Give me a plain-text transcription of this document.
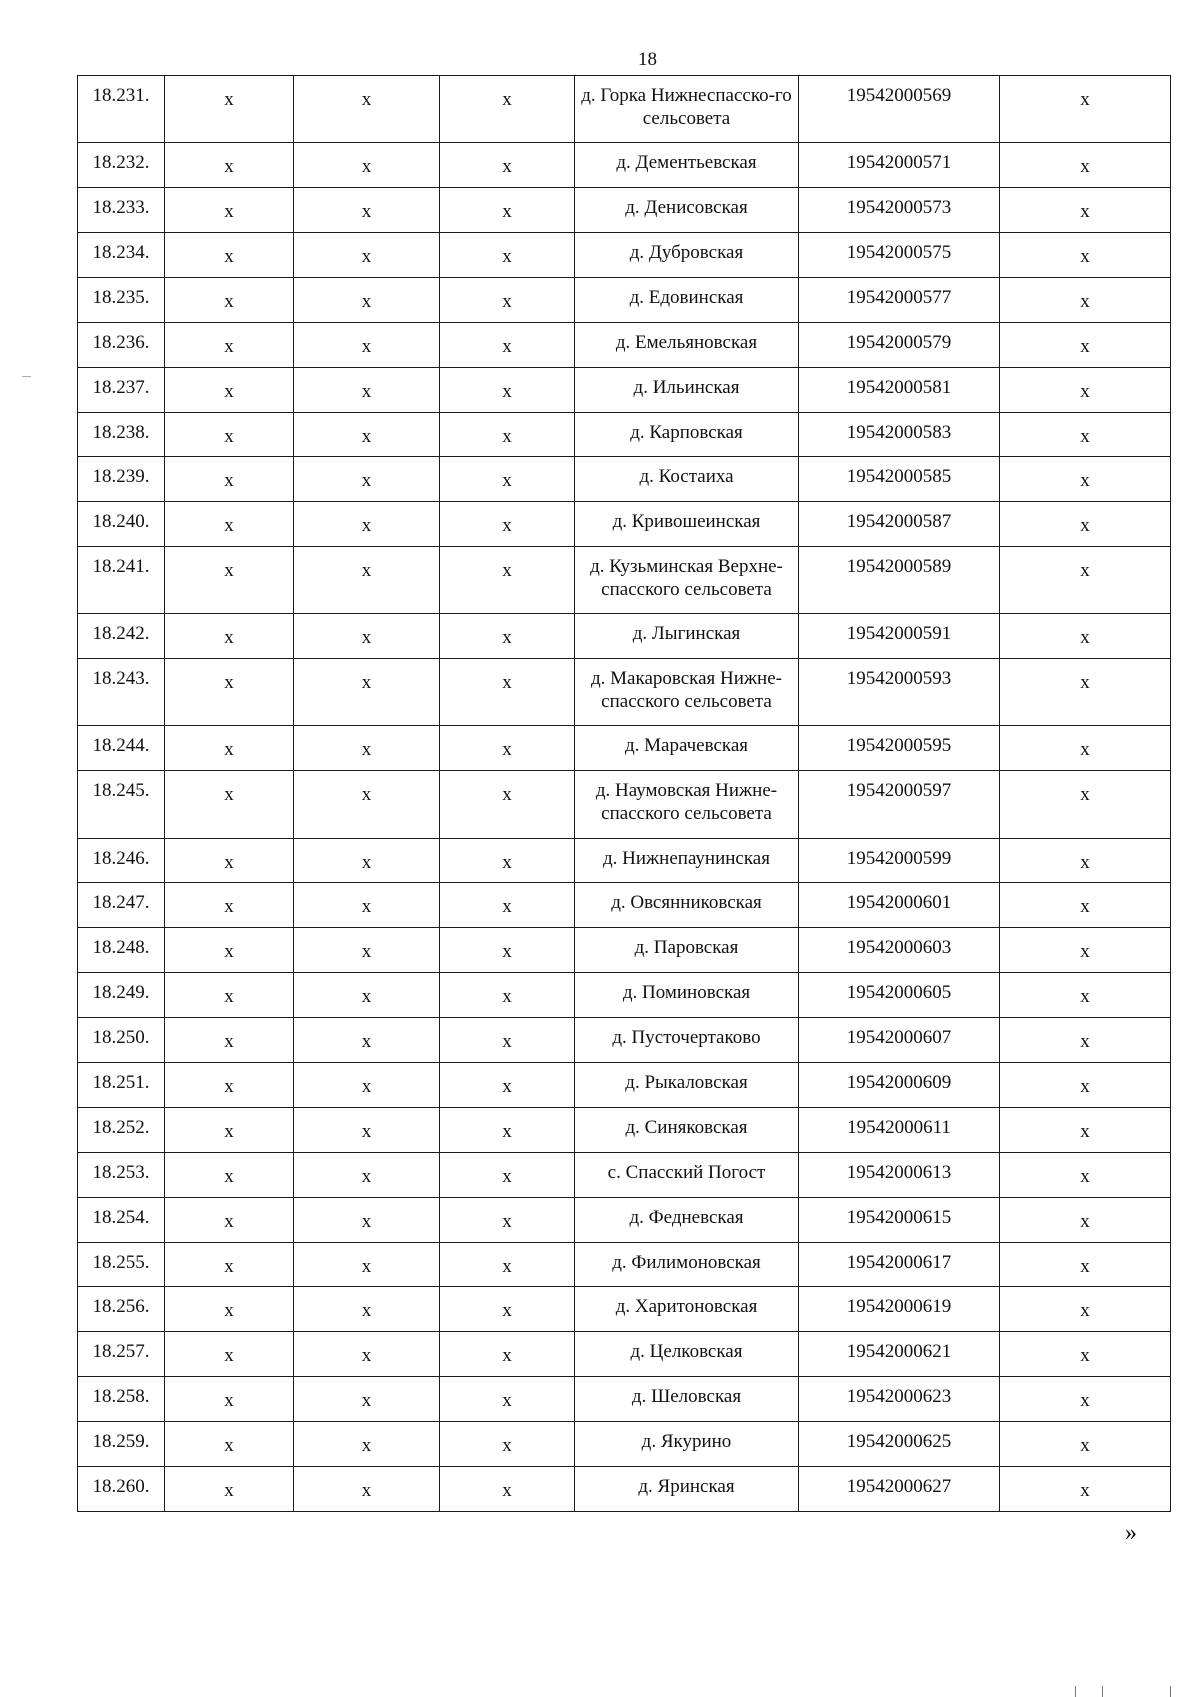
18
18.231.	х	х	х	д. Горка Нижнеспасско-го сельсовета	19542000569	х
18.232.	х	х	х	д. Дементьевская	19542000571	х
18.233.	х	х	х	д. Денисовская	19542000573	х
18.234.	х	х	х	д. Дубровская	19542000575	х
18.235.	х	х	х	д. Едовинская	19542000577	х
18.236.	х	х	х	д. Емельяновская	19542000579	х
18.237.	х	х	х	д. Ильинская	19542000581	х
18.238.	х	х	х	д. Карповская	19542000583	х
18.239.	х	х	х	д. Костаиха	19542000585	х
18.240.	х	х	х	д. Кривошеинская	19542000587	х
18.241.	х	х	х	д. Кузьминская Верхне-спасского сельсовета	19542000589	х
18.242.	х	х	х	д. Лыгинская	19542000591	х
18.243.	х	х	х	д. Макаровская Нижне-спасского сельсовета	19542000593	х
18.244.	х	х	х	д. Марачевская	19542000595	х
18.245.	х	х	х	д. Наумовская Нижне-спасского сельсовета	19542000597	х
18.246.	х	х	х	д. Нижнепаунинская	19542000599	х
18.247.	х	х	х	д. Овсянниковская	19542000601	х
18.248.	х	х	х	д. Паровская	19542000603	х
18.249.	х	х	х	д. Поминовская	19542000605	х
18.250.	х	х	х	д. Пусточертаково	19542000607	х
18.251.	х	х	х	д. Рыкаловская	19542000609	х
18.252.	х	х	х	д. Синяковская	19542000611	х
18.253.	х	х	х	с. Спасский Погост	19542000613	х
18.254.	х	х	х	д. Федневская	19542000615	х
18.255.	х	х	х	д. Филимоновская	19542000617	х
18.256.	х	х	х	д. Харитоновская	19542000619	х
18.257.	х	х	х	д. Целковская	19542000621	х
18.258.	х	х	х	д. Шеловская	19542000623	х
18.259.	х	х	х	д. Якурино	19542000625	х
18.260.	х	х	х	д. Яринская	19542000627	х
»
